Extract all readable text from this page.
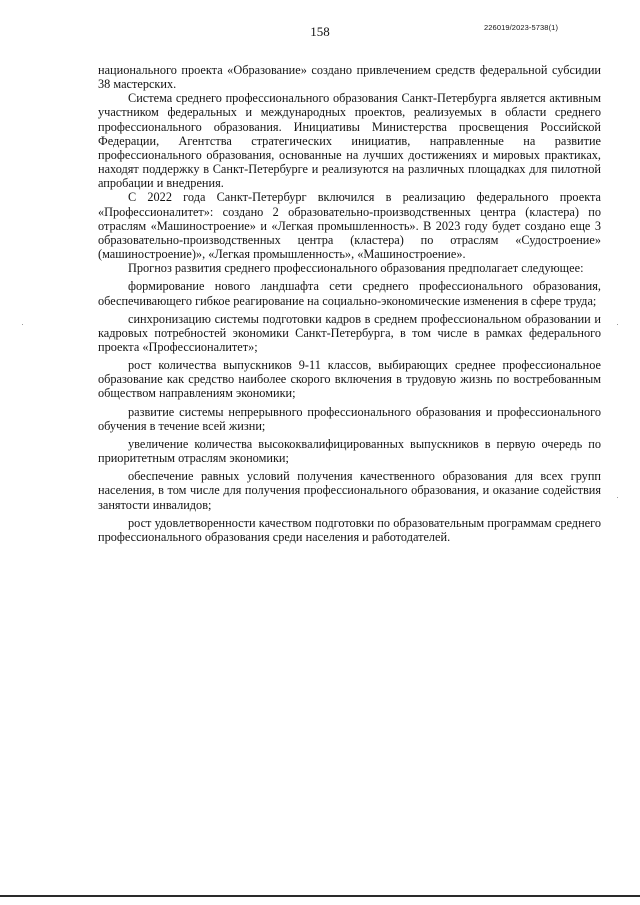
158	226019/2023-5738(1)

национального проекта «Образование» создано привлечением средств федеральной субсидии 38 мастерских.

Система среднего профессионального образования Санкт-Петербурга является активным участником федеральных и международных проектов, реализуемых в области среднего профессионального образования. Инициативы Министерства просвещения Российской Федерации, Агентства стратегических инициатив, направленные на развитие профессионального образования, основанные на лучших достижениях и мировых практиках, находят поддержку в Санкт-Петербурге и реализуются на различных площадках для пилотной апробации и внедрения.

С 2022 года Санкт-Петербург включился в реализацию федерального проекта «Профессионалитет»: создано 2 образовательно-производственных центра (кластера) по отраслям «Машиностроение» и «Легкая промышленность». В 2023 году будет создано еще 3 образовательно-производственных центра (кластера) по отраслям «Судостроение» (машиностроение)», «Легкая промышленность», «Машиностроение».

Прогноз развития среднего профессионального образования предполагает следующее:

формирование нового ландшафта сети среднего профессионального образования, обеспечивающего гибкое реагирование на социально-экономические изменения в сфере труда;

синхронизацию системы подготовки кадров в среднем профессиональном образовании и кадровых потребностей экономики Санкт-Петербурга, в том числе в рамках федерального проекта «Профессионалитет»;

рост количества выпускников 9-11 классов, выбирающих среднее профессиональное образование как средство наиболее скорого включения в трудовую жизнь по востребованным обществом направлениям экономики;

развитие системы непрерывного профессионального образования и профессионального обучения в течение всей жизни;

увеличение количества высококвалифицированных выпускников в первую очередь по приоритетным отраслям экономики;

обеспечение равных условий получения качественного образования для всех групп населения, в том числе для получения профессионального образования, и оказание содействия занятости инвалидов;

рост удовлетворенности качеством подготовки по образовательным программам среднего профессионального образования среди населения и работодателей.
